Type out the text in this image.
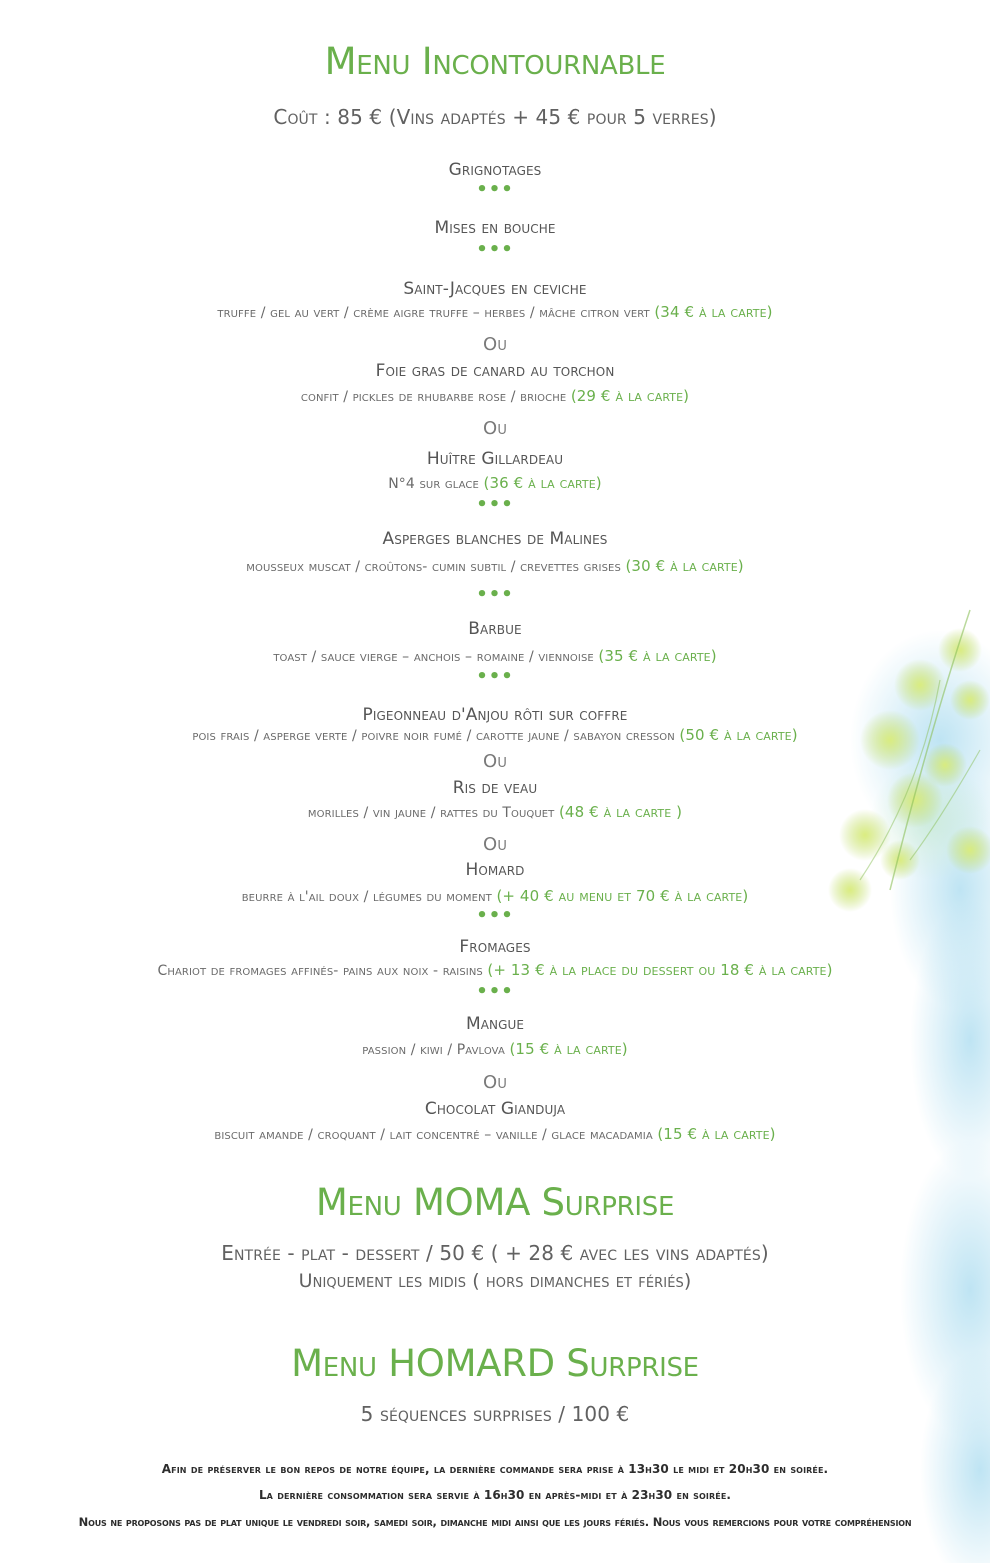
Menu Incontournable
Coût : 85 € (Vins adaptés + 45 € pour 5 verres)
Grignotages
•••
Mises en bouche
•••
Saint-Jacques en ceviche
truffe / gel au vert / crème aigre truffe – herbes / mâche citron vert (34 € à la carte)
Ou
Foie gras de canard au torchon
confit / pickles de rhubarbe rose / brioche (29 € à la carte)
Ou
Huître Gillardeau
N°4 sur glace (36 € à la carte)
•••
Asperges blanches de Malines
mousseux muscat / croûtons- cumin subtil / crevettes grises (30 € à la carte)
•••
Barbue
toast / sauce vierge – anchois – romaine / viennoise (35 € à la carte)
•••
Pigeonneau d'Anjou rôti sur coffre
pois frais / asperge verte / poivre noir fumé / carotte jaune / sabayon cresson (50 € à la carte)
Ou
Ris de veau
morilles / vin jaune / rattes du Touquet (48 € à la carte )
Ou
Homard
beurre à l'ail doux / légumes du moment (+ 40 € au menu et 70 € à la carte)
•••
Fromages
Chariot de fromages affinés- pains aux noix - raisins (+ 13 € à la place du dessert ou 18 € à la carte)
•••
Mangue
passion / kiwi / Pavlova (15 € à la carte)
Ou
Chocolat Gianduja
biscuit amande / croquant / lait concentré – vanille / glace macadamia (15 € à la carte)
Menu MOMA Surprise
Entrée - plat - dessert / 50 € ( + 28 € avec les vins adaptés)
Uniquement les midis ( hors dimanches et fériés)
Menu HOMARD Surprise
5 séquences surprises / 100 €
Afin de préserver le bon repos de notre équipe, la dernière commande sera prise à 13h30 le midi et 20h30 en soirée.
La dernière consommation sera servie à 16h30 en après-midi et à 23h30 en soirée.
Nous ne proposons pas de plat unique le vendredi soir, samedi soir, dimanche midi ainsi que les jours fériés. Nous vous remercions pour votre compréhension
